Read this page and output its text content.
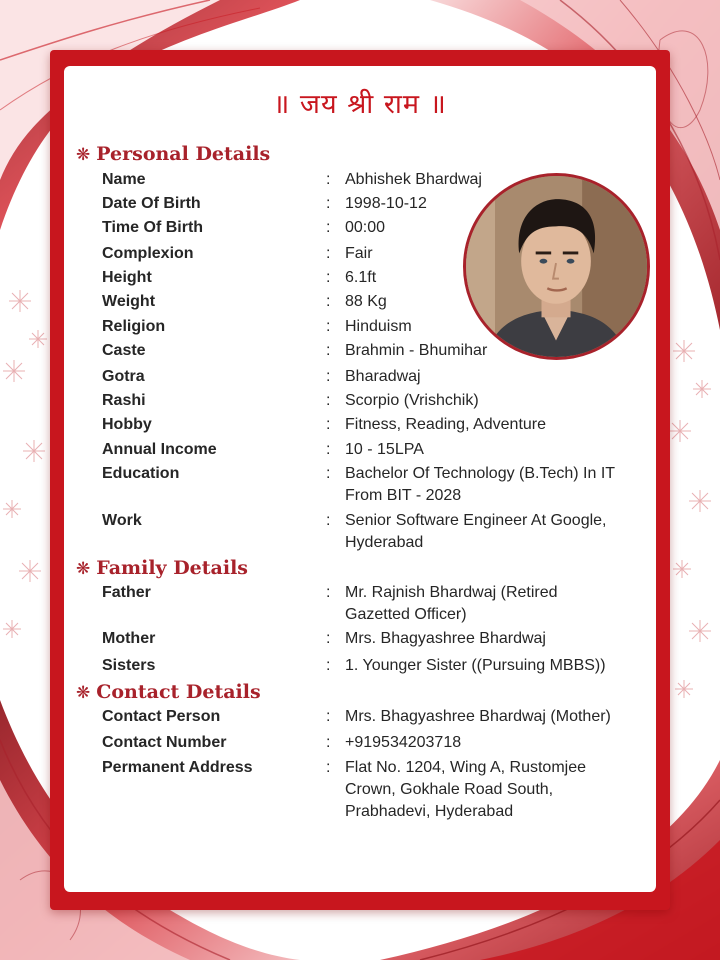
॥ जय श्री राम ॥
❋ Personal Details
❋ Family Details
❋ Contact Details
Name	: Abhishek Bhardwaj
Date Of Birth	: 1998-10-12
Time Of Birth	: 00:00
Complexion	: Fair
Height	: 6.1ft
Weight	: 88 Kg
Religion	: Hinduism
Caste	: Brahmin - Bhumihar
Gotra	: Bharadwaj
Rashi	: Scorpio (Vrishchik)
Hobby	: Fitness, Reading, Adventure
Annual Income	: 10 - 15LPA
Education	: Bachelor Of Technology (B.Tech) In IT From BIT - 2028
Work	: Senior Software Engineer At Google, Hyderabad
Father	: Mr. Rajnish Bhardwaj (Retired Gazetted Officer)
Mother	: Mrs. Bhagyashree Bhardwaj
Sisters	: 1. Younger Sister ((Pursuing MBBS))
Contact Person	: Mrs. Bhagyashree Bhardwaj (Mother)
Contact Number	: +919534203718
Permanent Address	: Flat No. 1204, Wing A, Rustomjee Crown, Gokhale Road South, Prabhadevi, Hyderabad
